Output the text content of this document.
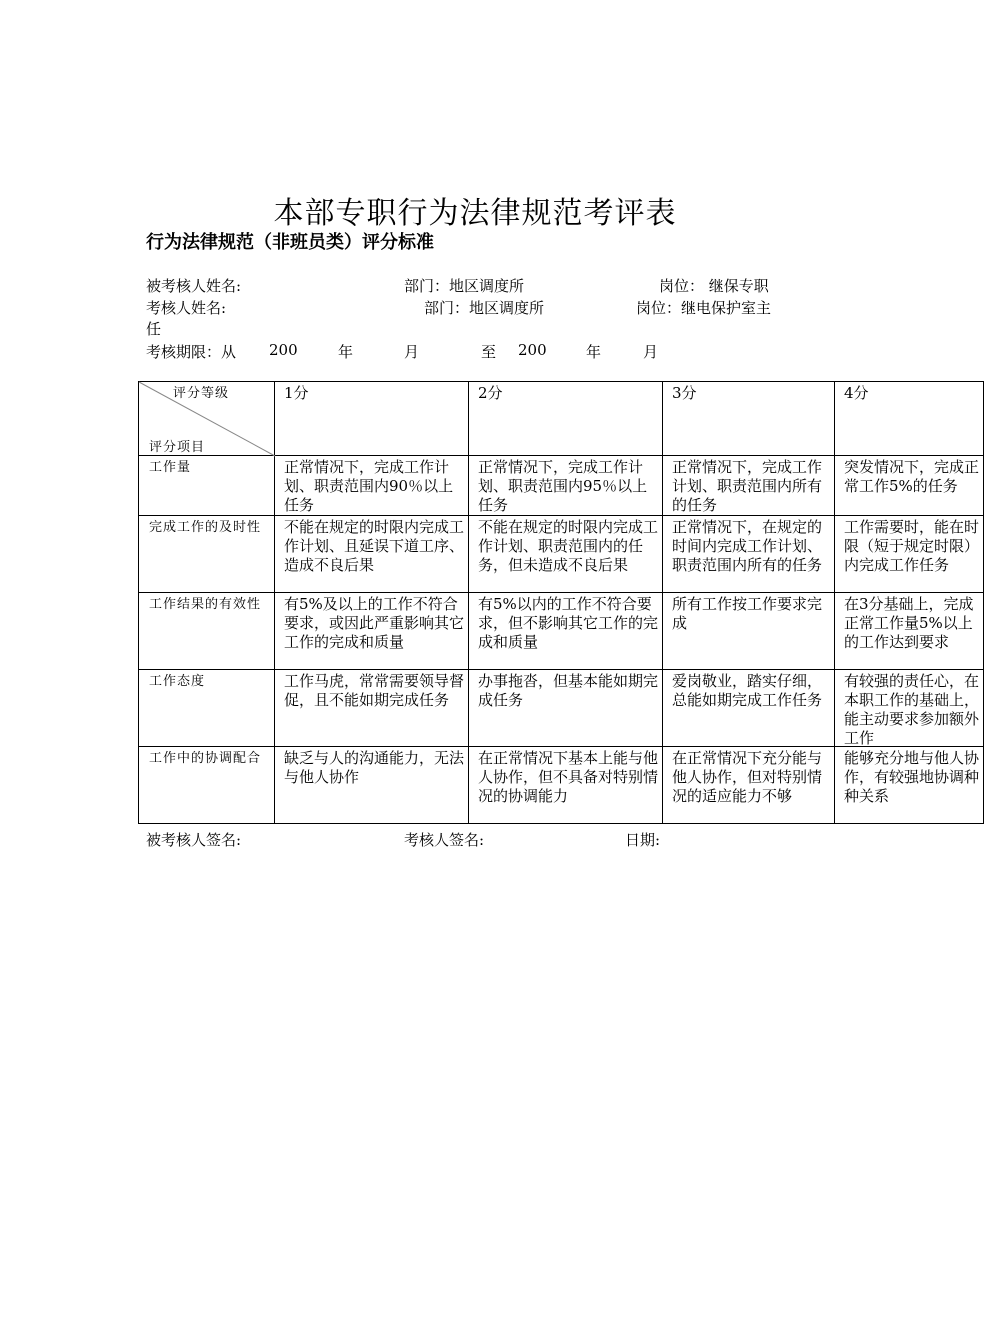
本部专职行为法律规范考评表
行为法律规范（非班员类）评分标准
被考核人姓名:	部门：地区调度所	岗位： 继保专职
考核人姓名:	部门：地区调度所	岗位：继电保护室主
任
考核期限：从 200	年	月	至 200	年	月
评分等级
评分项目	1分	2分	3分	4分
工作量	正常情况下，完成工作计划、职责范围内90％以上任务	正常情况下，完成工作计划、职责范围内95％以上任务	正常情况下，完成工作计划、职责范围内所有的任务	突发情况下，完成正常工作5%的任务

完成工作的及时性	不能在规定的时限内完成工作计划、且延误下道工序、造成不良后果	不能在规定的时限内完成工作计划、职责范围内的任务，但未造成不良后果	正常情况下，在规定的时间内完成工作计划、职责范围内所有的任务	工作需要时，能在时限（短于规定时限）内完成工作任务

工作结果的有效性	有5%及以上的工作不符合要求，或因此严重影响其它工作的完成和质量	有5%以内的工作不符合要求，但不影响其它工作的完成和质量	所有工作按工作要求完成	在3分基础上，完成正常工作量5%以上的工作达到要求

工作态度	工作马虎，常常需要领导督促，且不能如期完成任务	办事拖沓，但基本能如期完成任务	爱岗敬业，踏实仔细，总能如期完成工作任务	有较强的责任心，在本职工作的基础上，能主动要求参加额外工作

工作中的协调配合	缺乏与人的沟通能力，无法与他人协作	在正常情况下基本上能与他人协作，但不具备对特别情况的协调能力	在正常情况下充分能与他人协作，但对特别情况的适应能力不够	能够充分地与他人协作，有较强地协调种种关系
被考核人签名:	考核人签名:	日期:
